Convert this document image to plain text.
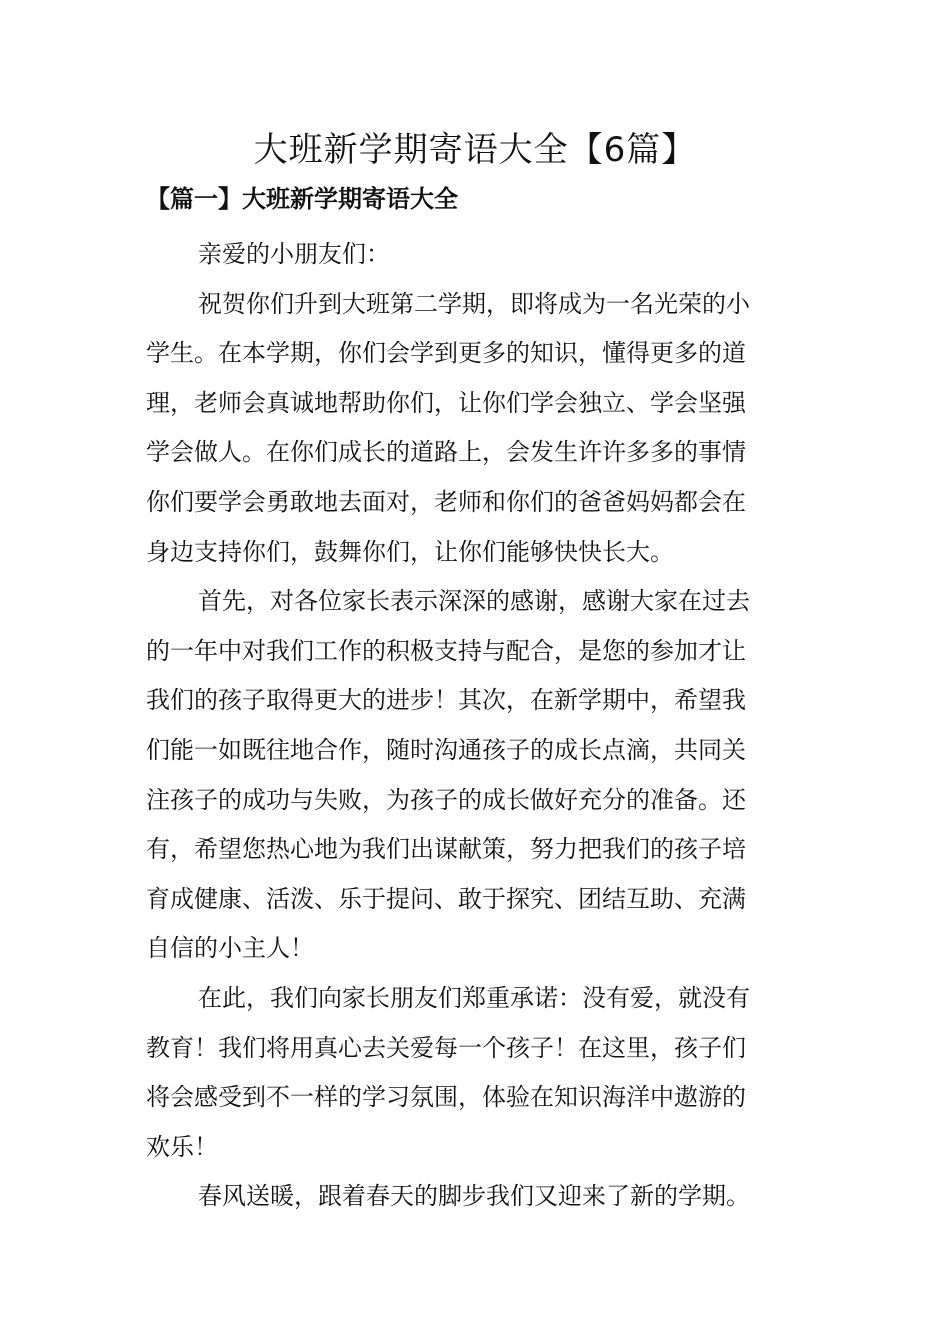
大班新学期寄语大全【6篇】
【篇一】大班新学期寄语大全
亲爱的小朋友们：
祝贺你们升到大班第二学期，即将成为一名光荣的小
学生。在本学期，你们会学到更多的知识，懂得更多的道
理，老师会真诚地帮助你们，让你们学会独立、学会坚强
学会做人。在你们成长的道路上，会发生许许多多的事情
你们要学会勇敢地去面对，老师和你们的爸爸妈妈都会在
身边支持你们，鼓舞你们，让你们能够快快长大。
首先，对各位家长表示深深的感谢，感谢大家在过去
的一年中对我们工作的积极支持与配合，是您的参加才让
我们的孩子取得更大的进步！其次，在新学期中，希望我
们能一如既往地合作，随时沟通孩子的成长点滴，共同关
注孩子的成功与失败，为孩子的成长做好充分的准备。还
有，希望您热心地为我们出谋献策，努力把我们的孩子培
育成健康、活泼、乐于提问、敢于探究、团结互助、充满
自信的小主人！
在此，我们向家长朋友们郑重承诺：没有爱，就没有
教育！我们将用真心去关爱每一个孩子！在这里，孩子们
将会感受到不一样的学习氛围，体验在知识海洋中遨游的
欢乐！
春风送暖，跟着春天的脚步我们又迎来了新的学期。
